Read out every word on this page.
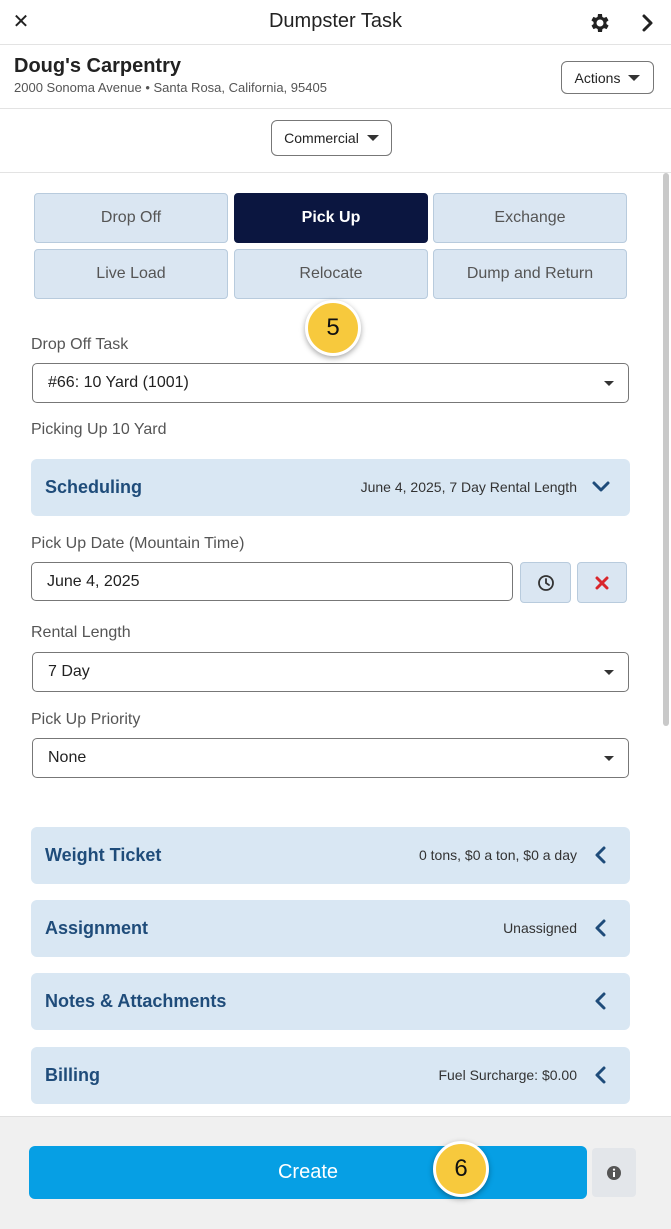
✕	Dumpster Task
Doug's Carpentry
2000 Sonoma Avenue • Santa Rosa, California, 95405
Actions
Commercial
Drop Off	Pick Up	Exchange
Live Load	Relocate	Dump and Return
5
Drop Off Task
#66: 10 Yard (1001)
Picking Up 10 Yard
Scheduling	June 4, 2025, 7 Day Rental Length
Pick Up Date (Mountain Time)
June 4, 2025
Rental Length
7 Day
Pick Up Priority
None
Weight Ticket	0 tons, $0 a ton, $0 a day
Assignment	Unassigned
Notes & Attachments
Billing	Fuel Surcharge: $0.00
Create	6
